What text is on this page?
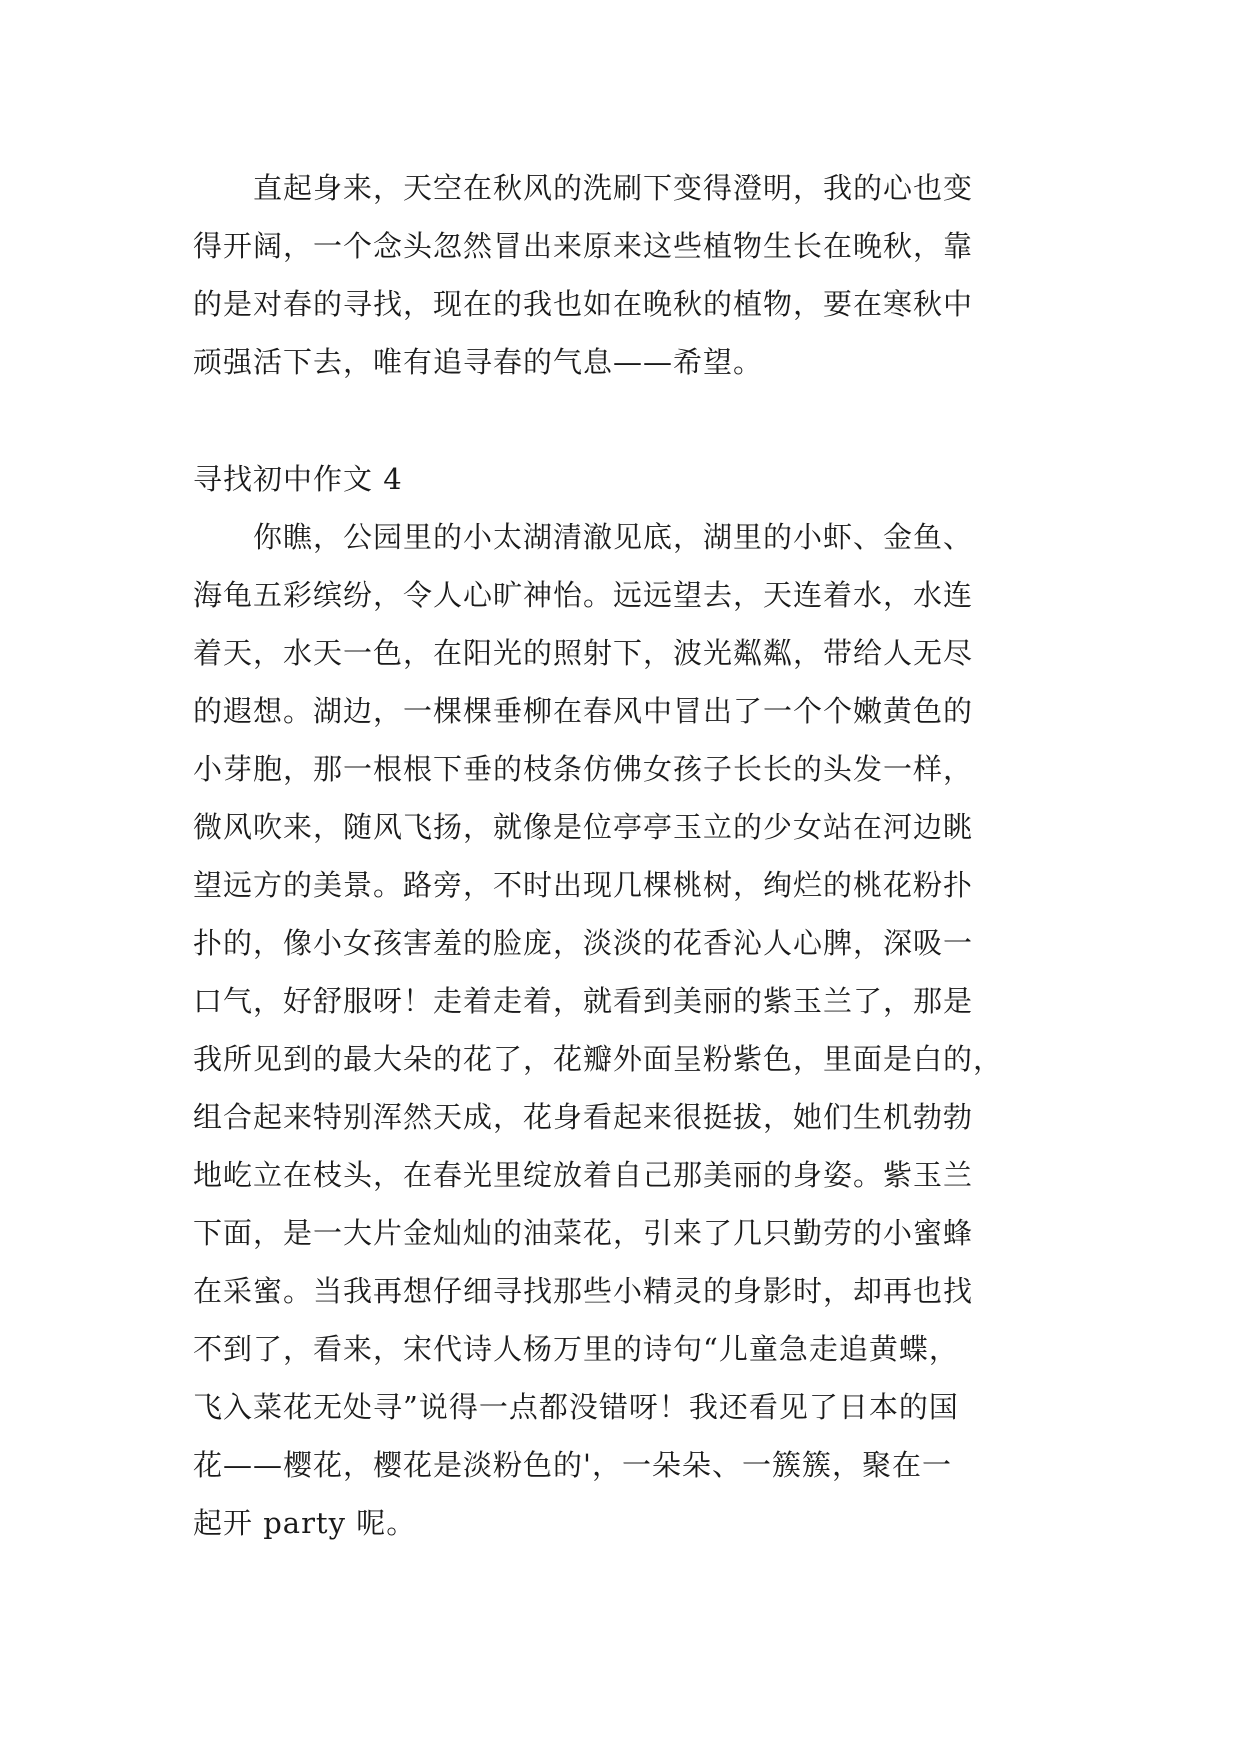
　　直起身来，天空在秋风的洗刷下变得澄明，我的心也变
得开阔，一个念头忽然冒出来原来这些植物生长在晚秋，靠
的是对春的寻找，现在的我也如在晚秋的植物，要在寒秋中
顽强活下去，唯有追寻春的气息——希望。
寻找初中作文 4
　　你瞧，公园里的小太湖清澈见底，湖里的小虾、金鱼、
海龟五彩缤纷，令人心旷神怡。远远望去，天连着水，水连
着天，水天一色，在阳光的照射下，波光粼粼，带给人无尽
的遐想。湖边，一棵棵垂柳在春风中冒出了一个个嫩黄色的
小芽胞，那一根根下垂的枝条仿佛女孩子长长的头发一样，
微风吹来，随风飞扬，就像是位亭亭玉立的少女站在河边眺
望远方的美景。路旁，不时出现几棵桃树，绚烂的桃花粉扑
扑的，像小女孩害羞的脸庞，淡淡的花香沁人心脾，深吸一
口气，好舒服呀！走着走着，就看到美丽的紫玉兰了，那是
我所见到的最大朵的花了，花瓣外面呈粉紫色，里面是白的，
组合起来特别浑然天成，花身看起来很挺拔，她们生机勃勃
地屹立在枝头，在春光里绽放着自己那美丽的身姿。紫玉兰
下面，是一大片金灿灿的油菜花，引来了几只勤劳的小蜜蜂
在采蜜。当我再想仔细寻找那些小精灵的身影时，却再也找
不到了，看来，宋代诗人杨万里的诗句“儿童急走追黄蝶，
飞入菜花无处寻”说得一点都没错呀！我还看见了日本的国
花——樱花，樱花是淡粉色的'，一朵朵、一簇簇，聚在一
起开 party 呢。
